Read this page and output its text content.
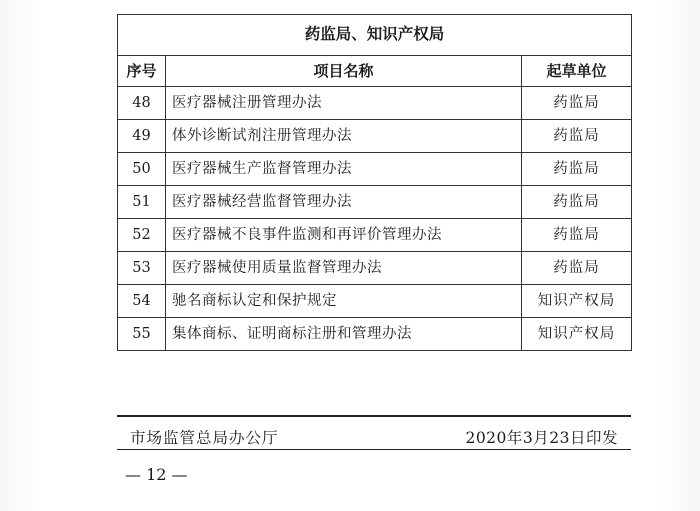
药监局、知识产权局		
序号	项目名称	起草单位
48	医疗器械注册管理办法	药监局
49	体外诊断试剂注册管理办法	药监局
50	医疗器械生产监督管理办法	药监局
51	医疗器械经营监督管理办法	药监局
52	医疗器械不良事件监测和再评价管理办法	药监局
53	医疗器械使用质量监督管理办法	药监局
54	驰名商标认定和保护规定	知识产权局
55	集体商标、证明商标注册和管理办法	知识产权局
市场监管总局办公厅	2020年3月23日印发
— 12 —
